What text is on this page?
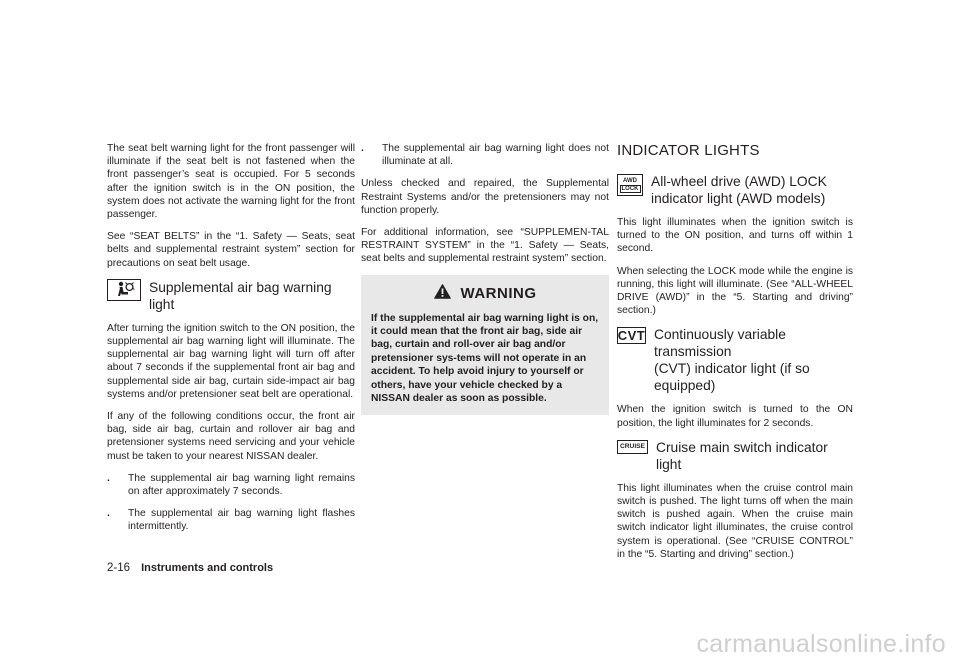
The seat belt warning light for the front passenger will illuminate if the seat belt is not fastened when the front passenger’s seat is occupied. For 5 seconds after the ignition switch is in the ON position, the system does not activate the warning light for the front passenger.

See “SEAT BELTS” in the “1. Safety — Seats, seat belts and supplemental restraint system” section for precautions on seat belt usage.

Supplemental air bag warning light

After turning the ignition switch to the ON position, the supplemental air bag warning light will illuminate. The supplemental air bag warning light will turn off after about 7 seconds if the supplemental front air bag and supplemental side air bag, curtain side-impact air bag systems and/or pretensioner seat belt are operational.

If any of the following conditions occur, the front air bag, side air bag, curtain and rollover air bag and pretensioner systems need servicing and your vehicle must be taken to your nearest NISSAN dealer.

. The supplemental air bag warning light remains on after approximately 7 seconds.
. The supplemental air bag warning light flashes intermittently.
. The supplemental air bag warning light does not illuminate at all.

Unless checked and repaired, the Supplemental Restraint Systems and/or the pretensioners may not function properly.

For additional information, see “SUPPLEMEN-TAL RESTRAINT SYSTEM” in the “1. Safety — Seats, seat belts and supplemental restraint system” section.

WARNING

If the supplemental air bag warning light is on, it could mean that the front air bag, side air bag, curtain and roll-over air bag and/or pretensioner sys-tems will not operate in an accident. To help avoid injury to yourself or others, have your vehicle checked by a NISSAN dealer as soon as possible.

INDICATOR LIGHTS
AWD
LOCK All-wheel drive (AWD) LOCK
indicator light (AWD models)

This light illuminates when the ignition switch is turned to the ON position, and turns off within 1 second.

When selecting the LOCK mode while the engine is running, this light will illuminate. (See “ALL-WHEEL DRIVE (AWD)” in the “5. Starting and driving” section.)

CVT Continuously variable transmission
(CVT) indicator light (if so
equipped)

When the ignition switch is turned to the ON position, the light illuminates for 2 seconds.

CRUISE Cruise main switch indicator light

This light illuminates when the cruise control main switch is pushed. The light turns off when the main switch is pushed again. When the cruise main switch indicator light illuminates, the cruise control system is operational. (See “CRUISE CONTROL” in the “5. Starting and driving” section.)

2-16 Instruments and controls
carmanualsonline.info
